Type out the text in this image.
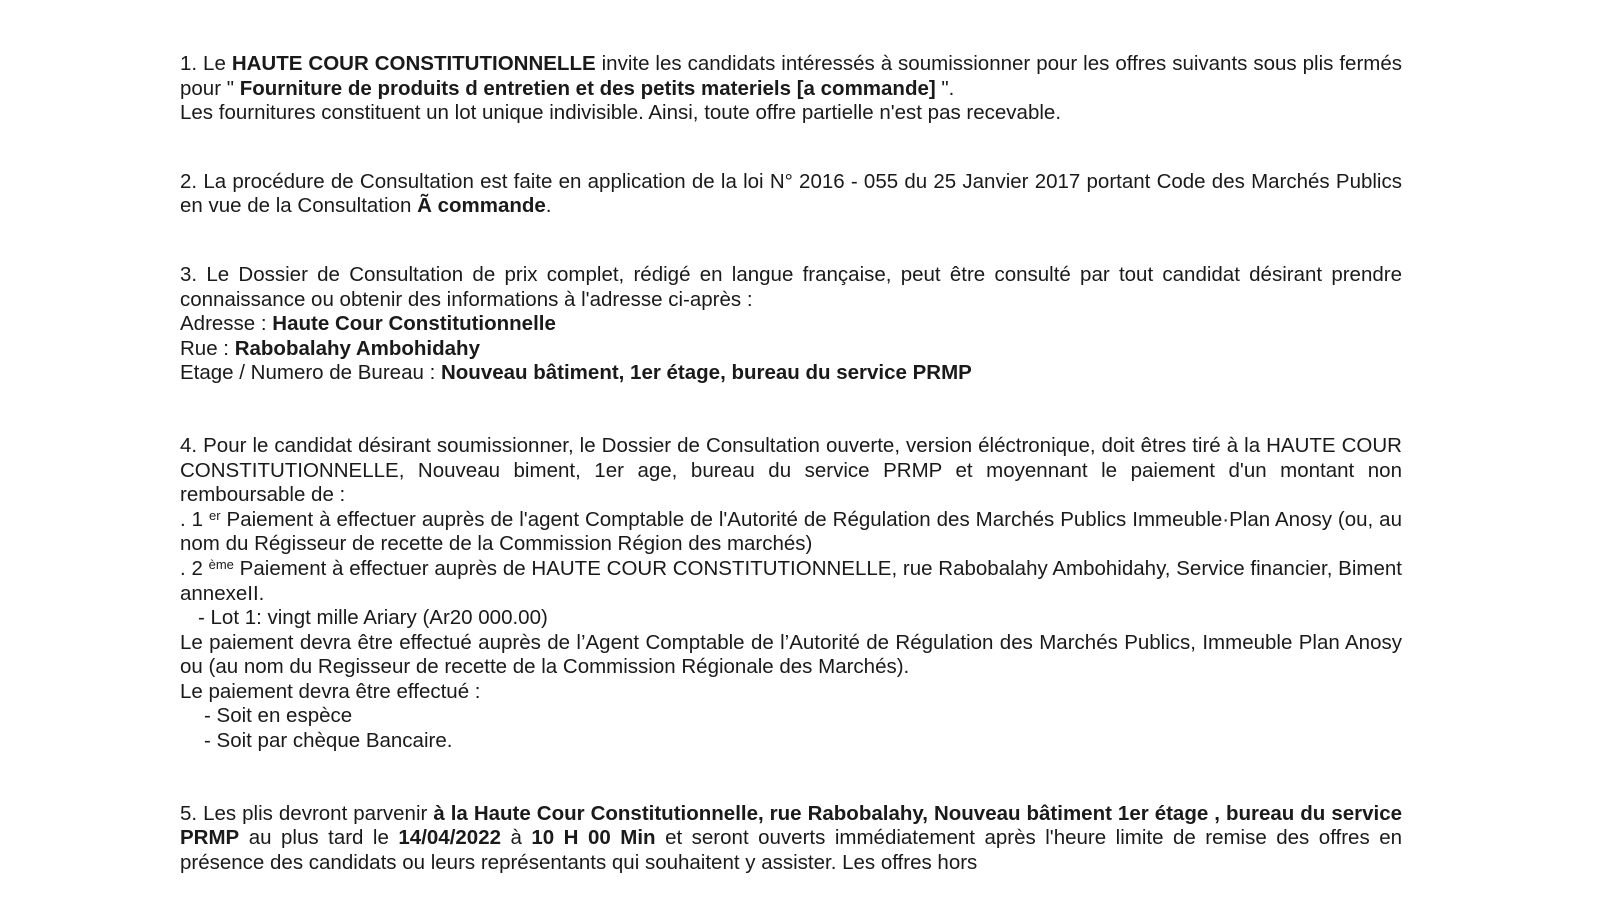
1. Le HAUTE COUR CONSTITUTIONNELLE invite les candidats intéressés à soumissionner pour les offres suivants sous plis fermés pour " Fourniture de produits d entretien et des petits materiels [a commande] ".
Les fournitures constituent un lot unique indivisible. Ainsi, toute offre partielle n'est pas recevable.
2. La procédure de Consultation est faite en application de la loi N° 2016 - 055 du 25 Janvier 2017 portant Code des Marchés Publics en vue de la Consultation Ã commande.
3. Le Dossier de Consultation de prix complet, rédigé en langue française, peut être consulté par tout candidat désirant prendre connaissance ou obtenir des informations à l'adresse ci-après :
Adresse : Haute Cour Constitutionnelle
Rue : Rabobalahy Ambohidahy
Etage / Numero de Bureau : Nouveau bâtiment, 1er étage, bureau du service PRMP
4. Pour le candidat désirant soumissionner, le Dossier de Consultation ouverte, version éléctronique, doit êtres tiré à la HAUTE COUR CONSTITUTIONNELLE, Nouveau biment, 1er age, bureau du service PRMP et moyennant le paiement d'un montant non remboursable de :
. 1 $^{er}$ Paiement à effectuer auprès de l'agent Comptable de l'Autorité de Régulation des Marchés Publics Immeuble·Plan Anosy (ou, au nom du Régisseur de recette de la Commission Région des marchés)
. 2 $^{ème}$ Paiement à effectuer auprès de HAUTE COUR CONSTITUTIONNELLE, rue Rabobalahy Ambohidahy, Service financier, Biment annexeII.
- Lot 1: vingt mille Ariary (Ar20 000.00)
Le paiement devra être effectué auprès de l’Agent Comptable de l’Autorité de Régulation des Marchés Publics, Immeuble Plan Anosy ou (au nom du Regisseur de recette de la Commission Régionale des Marchés).
Le paiement devra être effectué :
- Soit en espèce
- Soit par chèque Bancaire.
5. Les plis devront parvenir à la Haute Cour Constitutionnelle, rue Rabobalahy, Nouveau bâtiment 1er étage , bureau du service PRMP au plus tard le 14/04/2022 à 10 H 00 Min et seront ouverts immédiatement après l'heure limite de remise des offres en présence des candidats ou leurs représentants qui souhaitent y assister. Les offres hors
